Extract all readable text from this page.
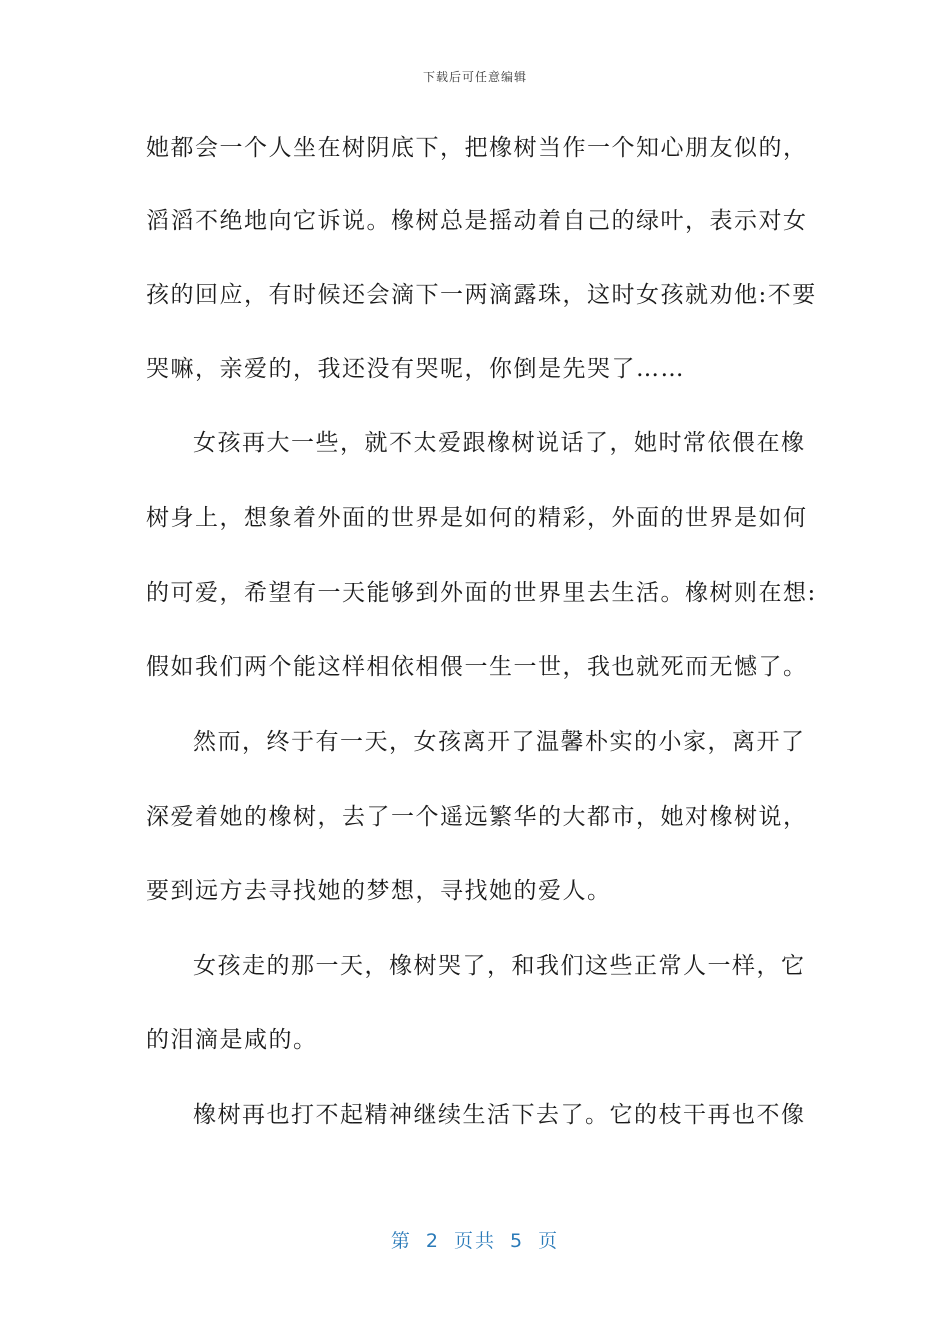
下载后可任意编辑
她都会一个人坐在树阴底下，把橡树当作一个知心朋友似的，
滔滔不绝地向它诉说。橡树总是摇动着自己的绿叶，表示对女
孩的回应，有时候还会滴下一两滴露珠，这时女孩就劝他:不要
哭嘛，亲爱的，我还没有哭呢，你倒是先哭了……
女孩再大一些，就不太爱跟橡树说话了，她时常依偎在橡
树身上，想象着外面的世界是如何的精彩，外面的世界是如何
的可爱，希望有一天能够到外面的世界里去生活。橡树则在想:
假如我们两个能这样相依相偎一生一世，我也就死而无憾了。
然而，终于有一天，女孩离开了温馨朴实的小家，离开了
深爱着她的橡树，去了一个遥远繁华的大都市，她对橡树说，
要到远方去寻找她的梦想，寻找她的爱人。
女孩走的那一天，橡树哭了，和我们这些正常人一样，它
的泪滴是咸的。
橡树再也打不起精神继续生活下去了。它的枝干再也不像
第 2 页共 5 页
